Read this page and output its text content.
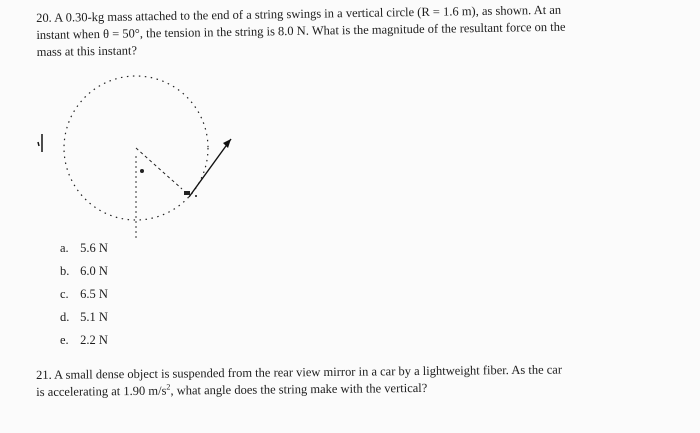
20. A 0.30-kg mass attached to the end of a string swings in a vertical circle (R = 1.6 m), as shown. At an
instant when θ = 50°, the tension in the string is 8.0 N. What is the magnitude of the resultant force on the
mass at this instant?
a. 5.6 N
b. 6.0 N
c. 6.5 N
d. 5.1 N
e. 2.2 N
21. A small dense object is suspended from the rear view mirror in a car by a lightweight fiber. As the car
is accelerating at 1.90 $m/s^2$, what angle does the string make with the vertical?
